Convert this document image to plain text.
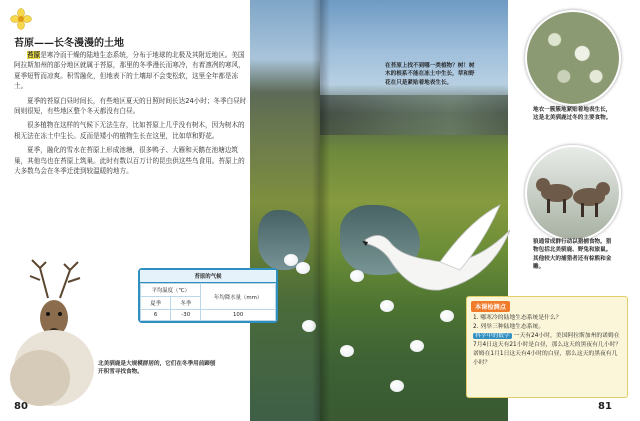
苔原——长冬漫漫的土地

苔原是寒冷而干燥的陆地生态系统，分布于地球的北极及其附近地区。美国阿拉斯加州的部分地区就属于苔原，那里的冬季漫长而寒冷，有着凛冽的寒风，夏季短暂而凉爽。积雪融化，但地表下的土壤却不会变松软，这里全年都是冻土。

夏季的苔原白昼时间长，有些地区夏天的日照时间长达24小时；冬季白昼时间则很短，有些地区整个冬天都没有白昼。

很多植物在这样的气候下无法生存，比如苔原上几乎没有树木，因为树木的根无法在冻土中生长。反而是矮小的植物生长在这里，比如草和野花。

夏季，融化的雪水在苔原上形成池塘，很多鸭子、大雁和天鹅在池塘边筑巢，其他鸟也在苔原上筑巢。此时有数以百万计的昆虫供这些鸟食用。苔原上的大多数鸟会在冬季迁徙到较温暖的地方。

北美驯鹿是大规模群居的，它们在冬季用前蹄刨开积雪寻找食物。
苔原的气候
平均温度（℃）		年均降水量（mm）
夏季	冬季	
6	-30	100
80
在苔原上找不到哪一类植物？树！树木的根系不能在冻土中生长，草和野花在只是紧贴着地表生长。
地衣一簇簇地紧贴着地表生长，这是北美驯鹿过冬的主要食物。
狼通常成群行动以猎捕食物。猎物包括北美驯鹿、野兔和旅鼠。其他较大的捕猎者还有棕熊和金雕。
本课检测点
1. 哪寒冷的陆地生态系统是什么？
2. 列举三种陆地生态系统。
科学中的数学 一天有24小时，美国阿拉斯加州的诺姆在7月4日这天有21小时是白昼，那么这天的黑夜有几小时？诺姆在1月1日这天有4小时的白昼，那么这天的黑夜有几小时？
81
